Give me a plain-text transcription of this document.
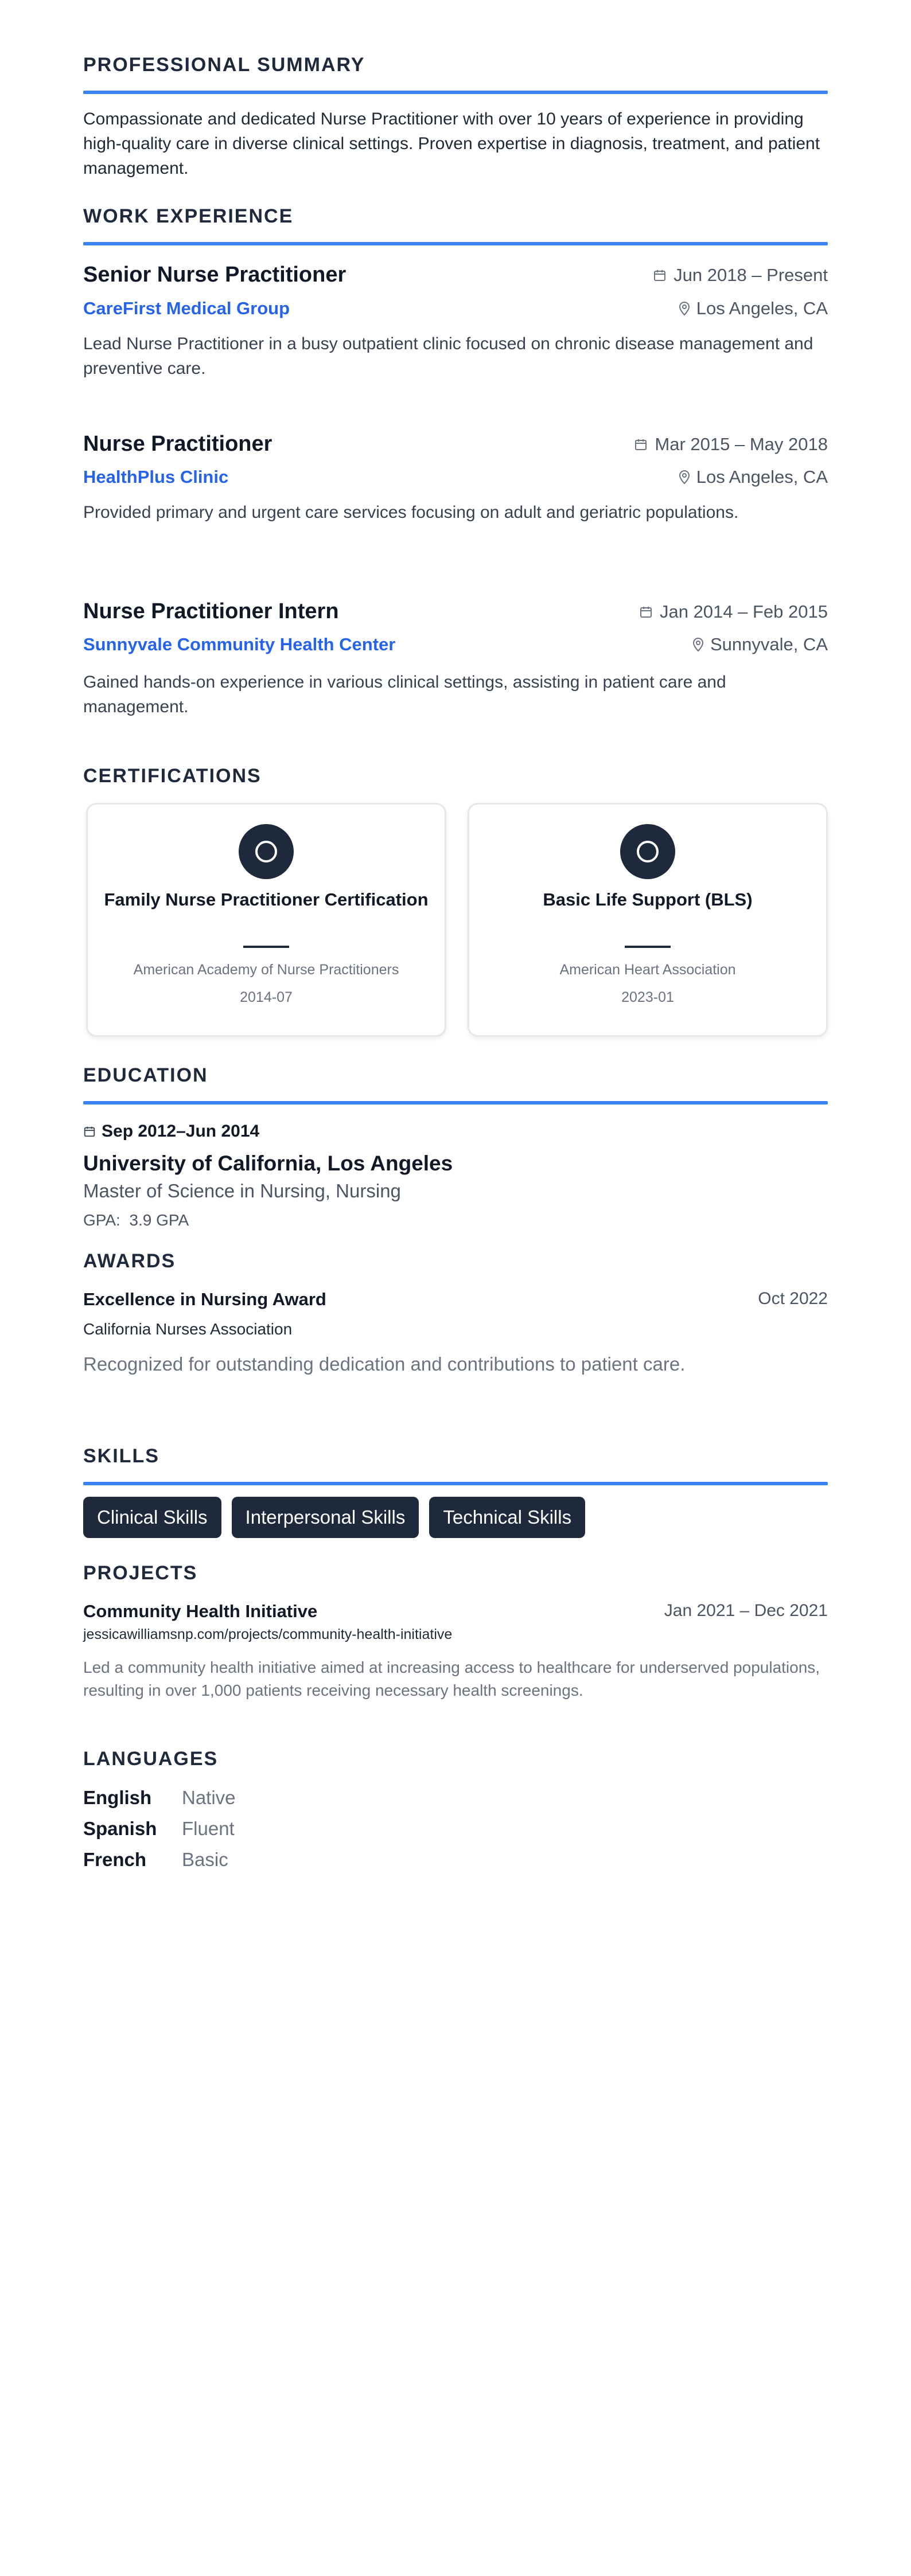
PROFESSIONAL SUMMARY
Compassionate and dedicated Nurse Practitioner with over 10 years of experience in providing high-quality care in diverse clinical settings. Proven expertise in diagnosis, treatment, and patient management.
WORK EXPERIENCE
Senior Nurse Practitioner	Jun 2018 – Present
CareFirst Medical Group	Los Angeles, CA
Lead Nurse Practitioner in a busy outpatient clinic focused on chronic disease management and preventive care.
Nurse Practitioner	Mar 2015 – May 2018
HealthPlus Clinic	Los Angeles, CA
Provided primary and urgent care services focusing on adult and geriatric populations.
Nurse Practitioner Intern	Jan 2014 – Feb 2015
Sunnyvale Community Health Center	Sunnyvale, CA
Gained hands-on experience in various clinical settings, assisting in patient care and management.
CERTIFICATIONS
Family Nurse Practitioner Certification
American Academy of Nurse Practitioners
2014-07
Basic Life Support (BLS)
American Heart Association
2023-01
EDUCATION
Sep 2012–Jun 2014
University of California, Los Angeles
Master of Science in Nursing, Nursing
GPA: 3.9 GPA
AWARDS
Excellence in Nursing Award	Oct 2022
California Nurses Association
Recognized for outstanding dedication and contributions to patient care.
SKILLS
Clinical Skills	Interpersonal Skills	Technical Skills
PROJECTS
Community Health Initiative	Jan 2021 – Dec 2021
jessicawilliamsnp.com/projects/community-health-initiative
Led a community health initiative aimed at increasing access to healthcare for underserved populations, resulting in over 1,000 patients receiving necessary health screenings.
LANGUAGES
English	Native
Spanish	Fluent
French	Basic
